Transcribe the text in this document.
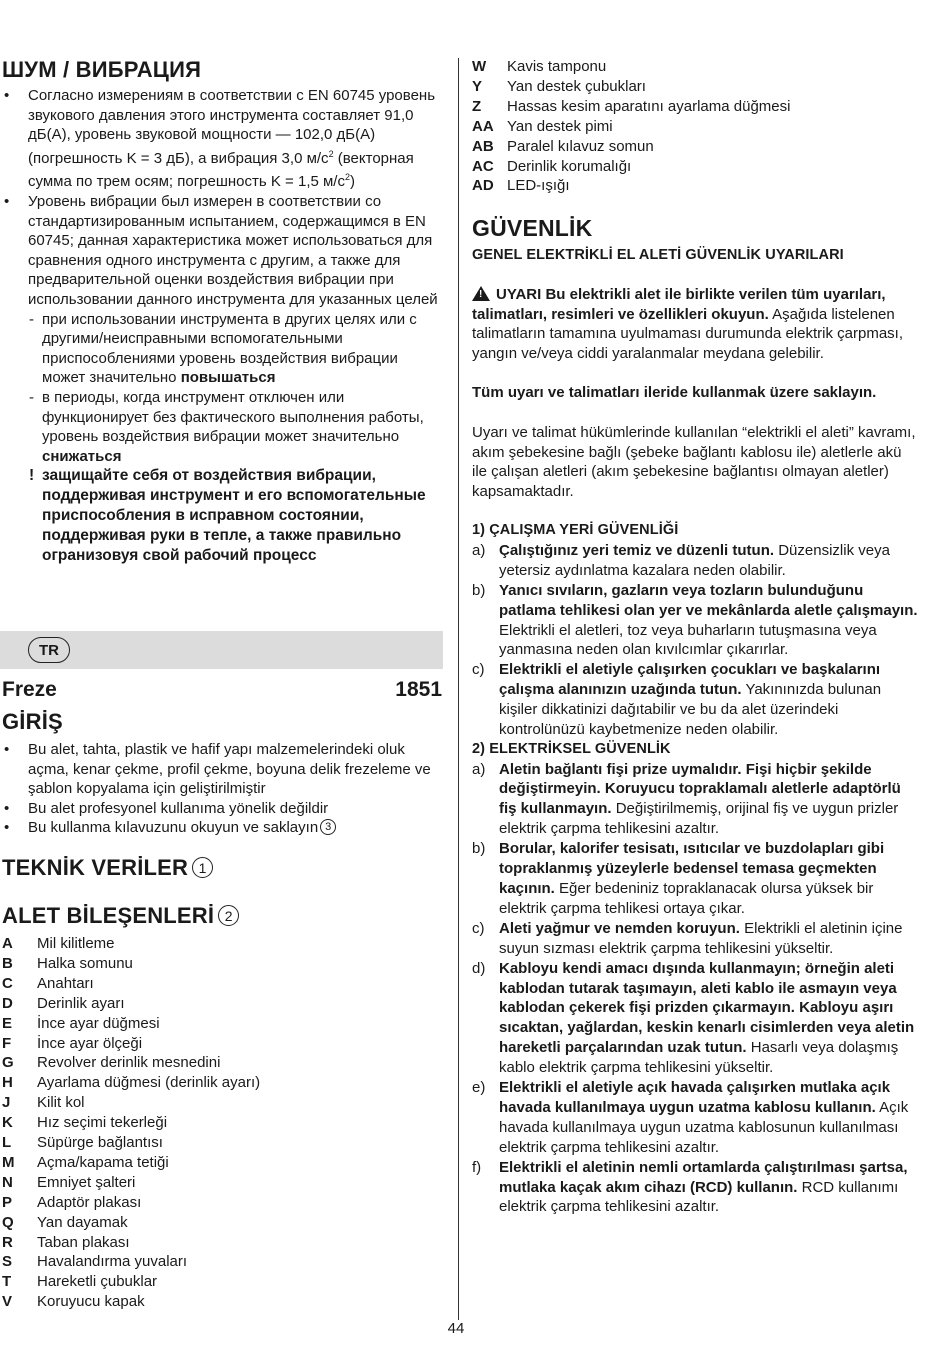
ШУМ / ВИБРАЦИЯ
• Согласно измерениям в соответствии с EN 60745 уровень звукового давления этого инструмента составляет 91,0 дБ(A), уровень звуковой мощности — 102,0 дБ(A) (погрешность K = 3 дБ), а вибрация 3,0 $м/с^2$ (векторная сумма по трем осям; погрешность K = 1,5 $м/с^2$)
• Уровень вибрации был измерен в соответствии со стандартизированным испытанием, содержащимся в EN 60745; данная характеристика может использоваться для сравнения одного инструмента с другим, а также для предварительной оценки воздействия вибрации при использовании данного инструмента для указанных целей
- при использовании инструмента в других целях или с другими/неисправными вспомогательными приспособлениями уровень воздействия вибрации может значительно повышаться
- в периоды, когда инструмент отключен или функционирует без фактического выполнения работы, уровень воздействия вибрации может значительно снижаться
! защищайте себя от воздействия вибрации, поддерживая инструмент и его вспомогательные приспособления в исправном состоянии, поддерживая руки в тепле, а также правильно огранизовуя свой рабочий процесс
TR
Freze	1851
GİRİŞ
• Bu alet, tahta, plastik ve hafif yapı malzemelerindeki oluk açma, kenar çekme, profil çekme, boyuna delik frezeleme ve şablon kopyalama için geliştirilmiştir
• Bu alet profesyonel kullanıma yönelik değildir
• Bu kullanma kılavuzunu okuyun ve saklayın 3
TEKNİK VERİLER 1
ALET BİLEŞENLERİ 2
A	Mil kilitleme
B	Halka somunu
C	Anahtarı
D	Derinlik ayarı
E	İnce ayar düğmesi
F	İnce ayar ölçeği
G	Revolver derinlik mesnedini
H	Ayarlama düğmesi (derinlik ayarı)
J	Kilit kol
K	Hız seçimi tekerleği
L	Süpürge bağlantısı
M	Açma/kapama tetiği
N	Emniyet şalteri
P	Adaptör plakası
Q	Yan dayamak
R	Taban plakası
S	Havalandırma yuvaları
T	Hareketli çubuklar
V	Koruyucu kapak
W	Kavis tamponu
Y	Yan destek çubukları
Z	Hassas kesim aparatını ayarlama düğmesi
AA Yan destek pimi
AB Paralel kılavuz somun
AC Derinlik korumalığı
AD LED-ışığı
GÜVENLİK
GENEL ELEKTRİKLİ EL ALETİ GÜVENLİK UYARILARI
!UYARI Bu elektrikli alet ile birlikte verilen tüm uyarıları, talimatları, resimleri ve özellikleri okuyun. Aşağıda listelenen talimatların tamamına uyulmaması durumunda elektrik çarpması, yangın ve/veya ciddi yaralanmalar meydana gelebilir.
Tüm uyarı ve talimatları ileride kullanmak üzere saklayın.
Uyarı ve talimat hükümlerinde kullanılan “elektrikli el aleti” kavramı, akım şebekesine bağlı (şebeke bağlantı kablosu ile) aletlerle akü ile çalışan aletleri (akım şebekesine bağlantısı olmayan aletler) kapsamaktadır.
1) ÇALIŞMA YERİ GÜVENLİĞİ
a) Çalıştığınız yeri temiz ve düzenli tutun. Düzensizlik veya yetersiz aydınlatma kazalara neden olabilir.
b) Yanıcı sıvıların, gazların veya tozların bulunduğunu patlama tehlikesi olan yer ve mekânlarda aletle çalışmayın. Elektrikli el aletleri, toz veya buharların tutuşmasına veya yanmasına neden olan kıvılcımlar çıkarırlar.
c) Elektrikli el aletiyle çalışırken çocukları ve başkalarını çalışma alanınızın uzağında tutun. Yakınınızda bulunan kişiler dikkatinizi dağıtabilir ve bu da alet üzerindeki kontrolünüzü kaybetmenize neden olabilir.
2) ELEKTRİKSEL GÜVENLİK
a) Aletin bağlantı fişi prize uymalıdır. Fişi hiçbir şekilde değiştirmeyin. Koruyucu topraklamalı aletlerle adaptörlü fiş kullanmayın. Değiştirilmemiş, orijinal fiş ve uygun prizler elektrik çarpma tehlikesini azaltır.
b) Borular, kalorifer tesisatı, ısıtıcılar ve buzdolapları gibi topraklanmış yüzeylerle bedensel temasa geçmekten kaçının. Eğer bedeniniz topraklanacak olursa yüksek bir elektrik çarpma tehlikesi ortaya çıkar.
c) Aleti yağmur ve nemden koruyun. Elektrikli el aletinin içine suyun sızması elektrik çarpma tehlikesini yükseltir.
d) Kabloyu kendi amacı dışında kullanmayın; örneğin aleti kablodan tutarak taşımayın, aleti kablo ile asmayın veya kablodan çekerek fişi prizden çıkarmayın. Kabloyu aşırı sıcaktan, yağlardan, keskin kenarlı cisimlerden veya aletin hareketli parçalarından uzak tutun. Hasarlı veya dolaşmış kablo elektrik çarpma tehlikesini yükseltir.
e) Elektrikli el aletiyle açık havada çalışırken mutlaka açık havada kullanılmaya uygun uzatma kablosu kullanın. Açık havada kullanılmaya uygun uzatma kablosunun kullanılması elektrik çarpma tehlikesini azaltır.
f) Elektrikli el aletinin nemli ortamlarda çalıştırılması şartsa, mutlaka kaçak akım cihazı (RCD) kullanın. RCD kullanımı elektrik çarpma tehlikesini azaltır.
44
